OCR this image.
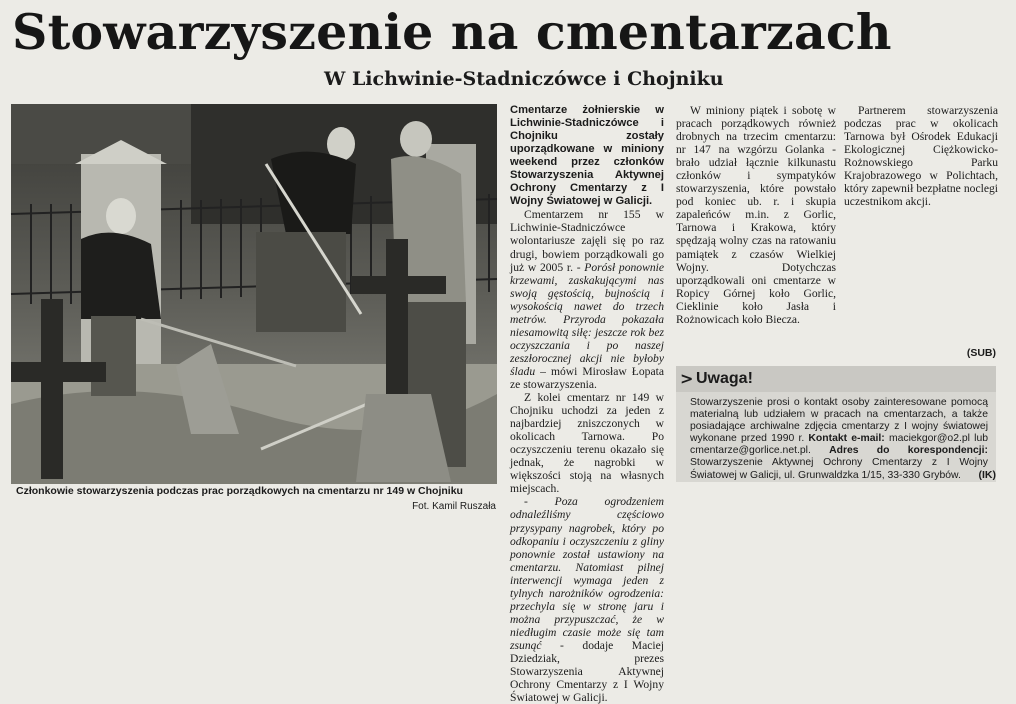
Stowarzyszenie na cmentarzach
W Lichwinie-Stadniczówce i Chojniku
Członkowie stowarzyszenia podczas prac porządkowych na cmentarzu nr 149 w Chojniku
Fot. Kamil Ruszała

Cmentarze żołnierskie w Lichwinie-Stadniczówce i Chojniku zostały uporządkowane w miniony weekend przez członków Stowarzyszenia Aktywnej Ochrony Cmentarzy z I Wojny Światowej w Galicji.

Cmentarzem nr 155 w Lichwinie-Stadniczówce wolontariusze zajęli się po raz drugi, bowiem porządkowali go już w 2005 r. - Porósł ponownie krzewami, zaskakującymi nas swoją gęstością, bujnością i wysokością nawet do trzech metrów. Przyroda pokazała niesamowitą siłę: jeszcze rok bez oczyszczania i po naszej zeszłorocznej akcji nie byłoby śladu – mówi Mirosław Łopata ze stowarzyszenia.

Z kolei cmentarz nr 149 w Chojniku uchodzi za jeden z najbardziej zniszczonych w okolicach Tarnowa. Po oczyszczeniu terenu okazało się jednak, że nagrobki w większości stoją na własnych miejscach.

- Poza ogrodzeniem odnaleźliśmy częściowo przysypany nagrobek, który po odkopaniu i oczyszczeniu z gliny ponownie został ustawiony na cmentarzu. Natomiast pilnej interwencji wymaga jeden z tylnych narożników ogrodzenia: przechyla się w stronę jaru i można przypuszczać, że w niedługim czasie może się tam zsunąć - dodaje Maciej Dziedziak, prezes Stowarzyszenia Aktywnej Ochrony Cmentarzy z I Wojny Światowej w Galicji.

W miniony piątek i sobotę w pracach porządkowych również drobnych na trzecim cmentarzu: nr 147 na wzgórzu Golanka - brało udział łącznie kilkunastu członków i sympatyków stowarzyszenia, które powstało pod koniec ub. r. i skupia zapaleńców m.in. z Gorlic, Tarnowa i Krakowa, który spędzają wolny czas na ratowaniu pamiątek z czasów Wielkiej Wojny. Dotychczas uporządkowali oni cmentarze w Ropicy Górnej koło Gorlic, Cieklinie koło Jasła i Rożnowicach koło Biecza.

Partnerem stowarzyszenia podczas prac w okolicach Tarnowa był Ośrodek Edukacji Ekologicznej Ciężkowicko-Rożnowskiego Parku Krajobrazowego w Polichtach, który zapewnił bezpłatne noclegi uczestnikom akcji.

(SUB)
> Uwaga!
Stowarzyszenie prosi o kontakt osoby zainteresowane pomocą materialną lub udziałem w pracach na cmentarzach, a także posiadające archiwalne zdjęcia cmentarzy z I wojny światowej wykonane przed 1990 r. Kontakt e-mail: maciekgor@o2.pl lub cmentarze@gorlice.net.pl. Adres do korespondencji: Stowarzyszenie Aktywnej Ochrony Cmentarzy z I Wojny Światowej w Galicji, ul. Grunwaldzka 1/15, 33-330 Grybów.	(IK)
